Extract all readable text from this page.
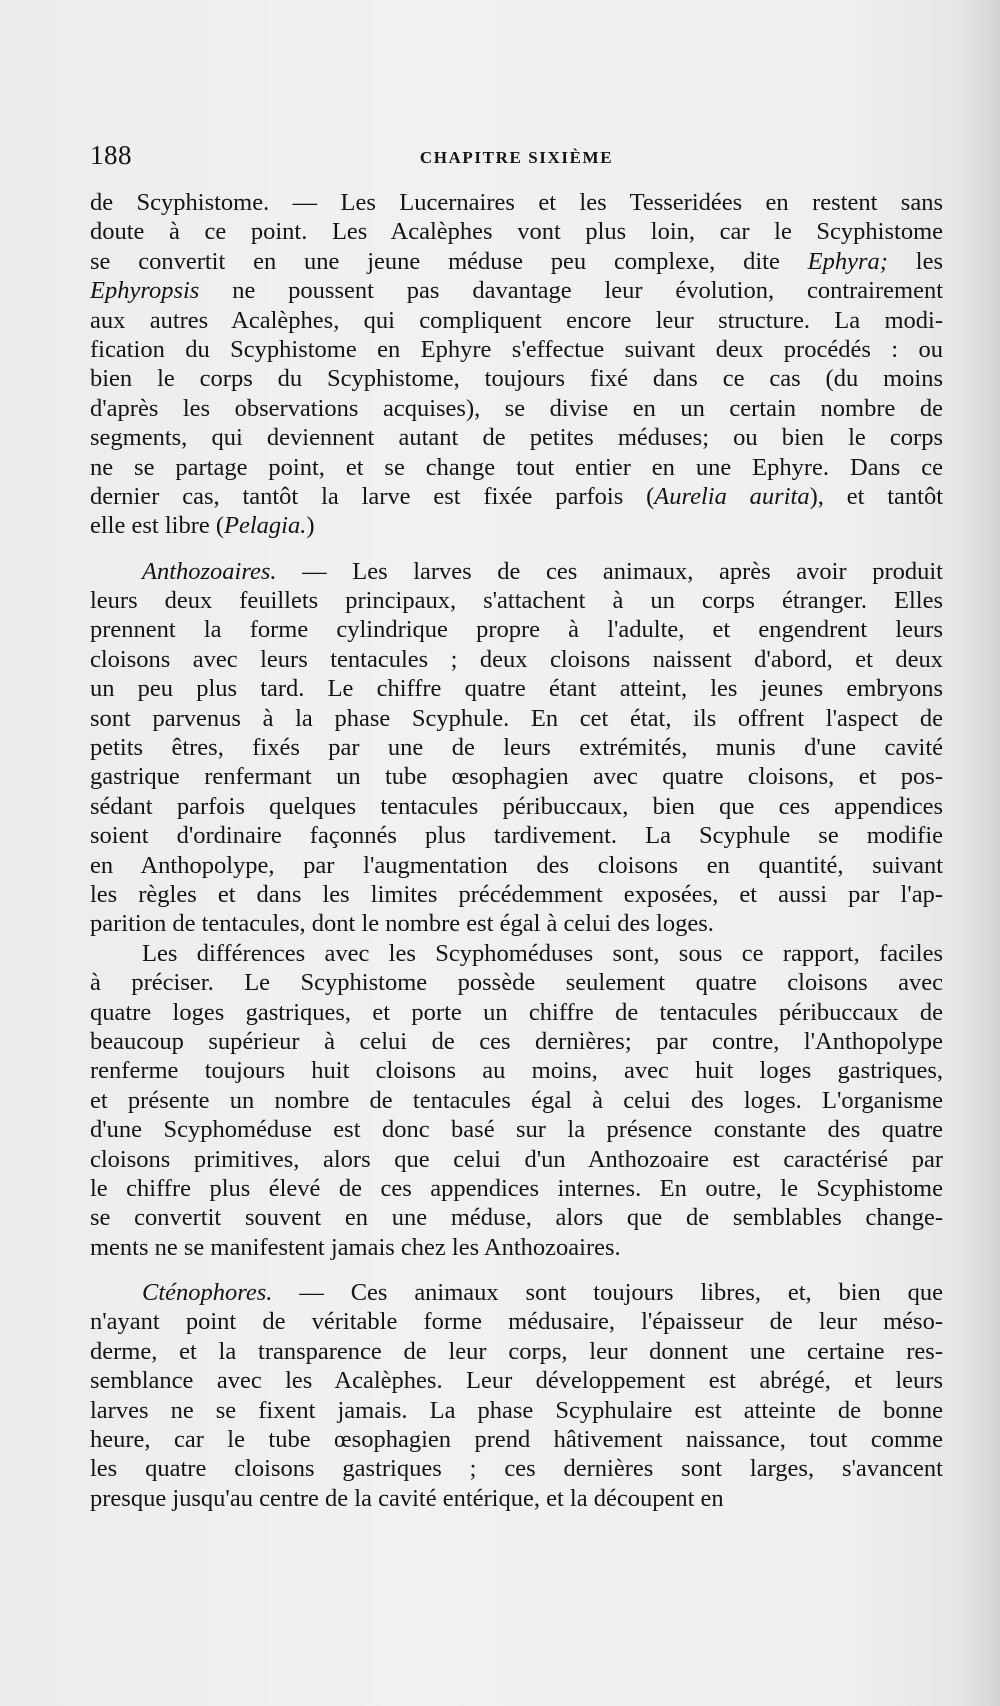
188	CHAPITRE SIXIÈME
de Scyphistome. — Les Lucernaires et les Tesseridées en restent sans
doute à ce point. Les Acalèphes vont plus loin, car le Scyphistome
se convertit en une jeune méduse peu complexe, dite Ephyra; les
Ephyropsis ne poussent pas davantage leur évolution, contrairement
aux autres Acalèphes, qui compliquent encore leur structure. La modi-
fication du Scyphistome en Ephyre s'effectue suivant deux procédés : ou
bien le corps du Scyphistome, toujours fixé dans ce cas (du moins
d'après les observations acquises), se divise en un certain nombre de
segments, qui deviennent autant de petites méduses; ou bien le corps
ne se partage point, et se change tout entier en une Ephyre. Dans ce
dernier cas, tantôt la larve est fixée parfois (Aurelia aurita), et tantôt
elle est libre (Pelagia.)
Anthozoaires. — Les larves de ces animaux, après avoir produit
leurs deux feuillets principaux, s'attachent à un corps étranger. Elles
prennent la forme cylindrique propre à l'adulte, et engendrent leurs
cloisons avec leurs tentacules ; deux cloisons naissent d'abord, et deux
un peu plus tard. Le chiffre quatre étant atteint, les jeunes embryons
sont parvenus à la phase Scyphule. En cet état, ils offrent l'aspect de
petits êtres, fixés par une de leurs extrémités, munis d'une cavité
gastrique renfermant un tube œsophagien avec quatre cloisons, et pos-
sédant parfois quelques tentacules péribuccaux, bien que ces appendices
soient d'ordinaire façonnés plus tardivement. La Scyphule se modifie
en Anthopolype, par l'augmentation des cloisons en quantité, suivant
les règles et dans les limites précédemment exposées, et aussi par l'ap-
parition de tentacules, dont le nombre est égal à celui des loges.
Les différences avec les Scyphoméduses sont, sous ce rapport, faciles
à préciser. Le Scyphistome possède seulement quatre cloisons avec
quatre loges gastriques, et porte un chiffre de tentacules péribuccaux de
beaucoup supérieur à celui de ces dernières; par contre, l'Anthopolype
renferme toujours huit cloisons au moins, avec huit loges gastriques,
et présente un nombre de tentacules égal à celui des loges. L'organisme
d'une Scyphoméduse est donc basé sur la présence constante des quatre
cloisons primitives, alors que celui d'un Anthozoaire est caractérisé par
le chiffre plus élevé de ces appendices internes. En outre, le Scyphistome
se convertit souvent en une méduse, alors que de semblables change-
ments ne se manifestent jamais chez les Anthozoaires.
Cténophores. — Ces animaux sont toujours libres, et, bien que
n'ayant point de véritable forme médusaire, l'épaisseur de leur méso-
derme, et la transparence de leur corps, leur donnent une certaine res-
semblance avec les Acalèphes. Leur développement est abrégé, et leurs
larves ne se fixent jamais. La phase Scyphulaire est atteinte de bonne
heure, car le tube œsophagien prend hâtivement naissance, tout comme
les quatre cloisons gastriques ; ces dernières sont larges, s'avancent
presque jusqu'au centre de la cavité entérique, et la découpent en
